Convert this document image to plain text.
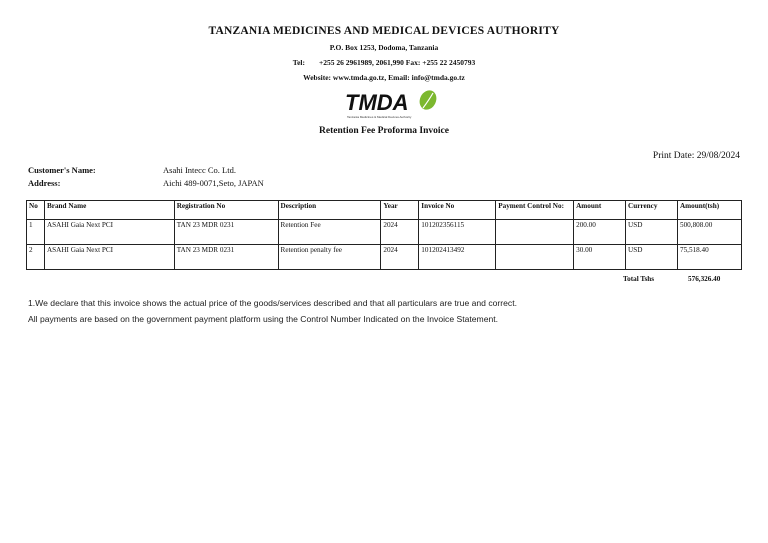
TANZANIA MEDICINES AND MEDICAL DEVICES AUTHORITY
P.O. Box 1253, Dodoma, Tanzania
Tel: +255 26 2961989, 2061,990 Fax: +255 22 2450793
Website: www.tmda.go.tz, Email: info@tmda.go.tz
TMDA
Tanzania Medicines & Medical Devices Authority
Retention Fee Proforma Invoice
Print Date: 29/08/2024
Customer's Name:	Asahi Intecc Co. Ltd.
Address:	Aichi 489-0071,Seto, JAPAN
No	Brand Name	Registration No	Description	Year	Invoice No	Payment Control No:	Amount	Currency	Amount(tsh)
1	ASAHI Gaia Next PCI	TAN 23 MDR 0231	Retention Fee	2024	101202356115		200.00	USD	500,808.00
2	ASAHI Gaia Next PCI	TAN 23 MDR 0231	Retention penalty fee	2024	101202413492		30.00	USD	75,518.40
Total Tshs	576,326.40
1.We declare that this invoice shows the actual price of the goods/services described and that all particulars are true and correct.
All payments are based on the government payment platform using the Control Number Indicated on the Invoice Statement.
